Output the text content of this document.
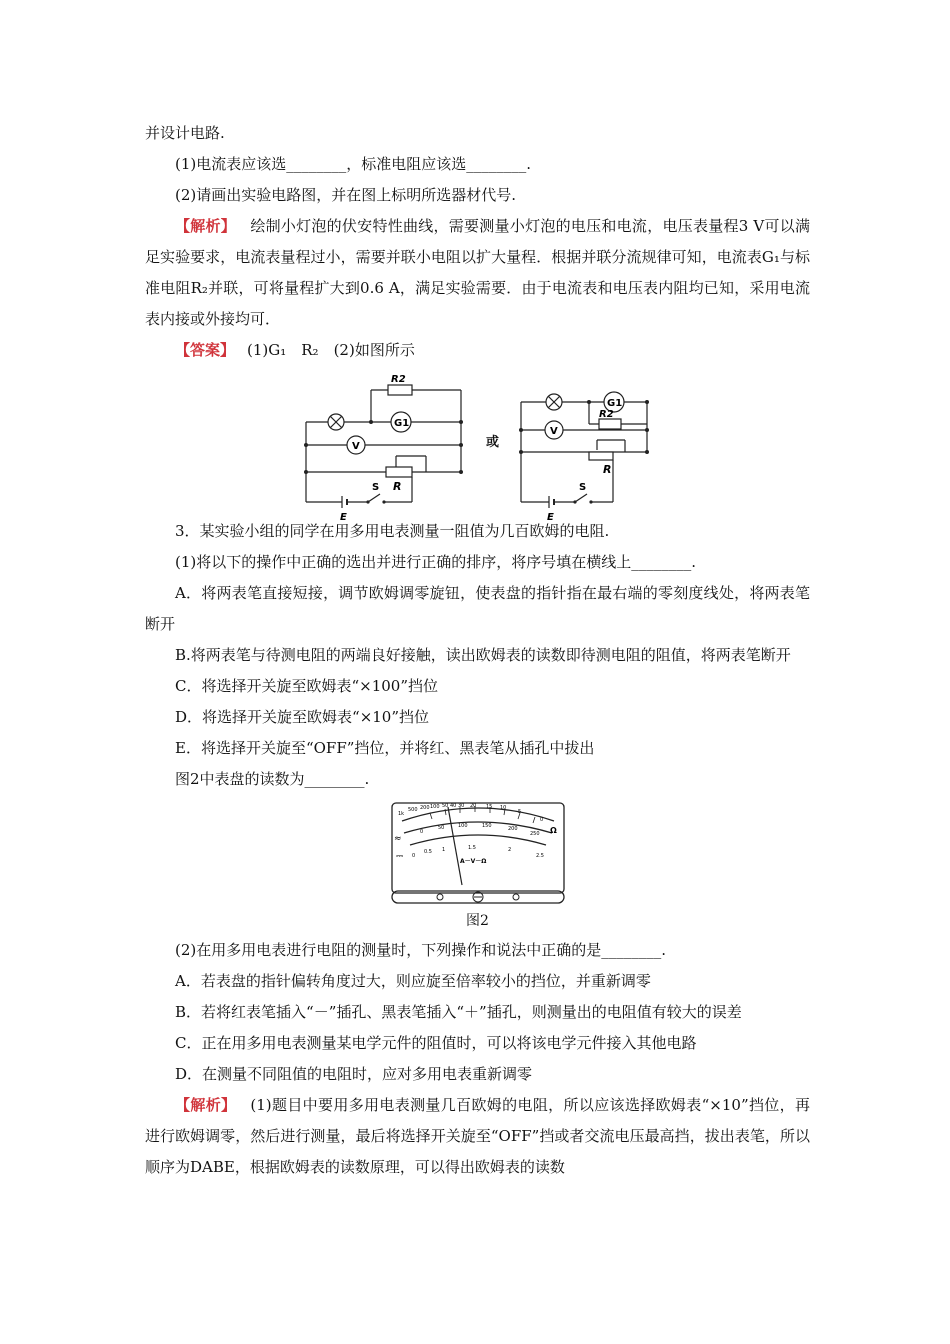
并设计电路.
(1)电流表应该选________，标准电阻应该选________.
(2)请画出实验电路图，并在图上标明所选器材代号.
【解析】 绘制小灯泡的伏安特性曲线，需要测量小灯泡的电压和电流，电压表量程3 V可以满足实验要求，电流表量程过小，需要并联小电阻以扩大量程．根据并联分流规律可知，电流表G₁与标准电阻R₂并联，可将量程扩大到0.6 A，满足实验需要．由于电流表和电压表内阻均已知，采用电流表内接或外接均可．
【答案】 (1)G₁　R₂　(2)如图所示
R2
G1
V
R
E
S
或
G1
V
R2
R
E
S
3．某实验小组的同学在用多用电表测量一阻值为几百欧姆的电阻.
(1)将以下的操作中正确的选出并进行正确的排序，将序号填在横线上________.
A．将两表笔直接短接，调节欧姆调零旋钮，使表盘的指针指在最右端的零刻度线处，将两表笔断开
B.将两表笔与待测电阻的两端良好接触，读出欧姆表的读数即待测电阻的阻值，将两表笔断开
C．将选择开关旋至欧姆表“×100”挡位
D．将选择开关旋至欧姆表“×10”挡位
E．将选择开关旋至“OFF”挡位，并将红、黑表笔从插孔中拔出
图2中表盘的读数为________.
1k
500 200 100 50 40 30 20 15 10
5
0
Ω
0
50	100	150	200
250
0
0.5 1	1.5	2
2.5
A－V－Ω
≈
⎓
图2
(2)在用多用电表进行电阻的测量时，下列操作和说法中正确的是________.
A．若表盘的指针偏转角度过大，则应旋至倍率较小的挡位，并重新调零
B．若将红表笔插入“－”插孔、黑表笔插入“＋”插孔，则测量出的电阻值有较大的误差
C．正在用多用电表测量某电学元件的阻值时，可以将该电学元件接入其他电路
D．在测量不同阻值的电阻时，应对多用电表重新调零
【解析】 (1)题目中要用多用电表测量几百欧姆的电阻，所以应该选择欧姆表“×10”挡位，再进行欧姆调零，然后进行测量，最后将选择开关旋至“OFF”挡或者交流电压最高挡，拔出表笔，所以顺序为DABE，根据欧姆表的读数原理，可以得出欧姆表的读数
